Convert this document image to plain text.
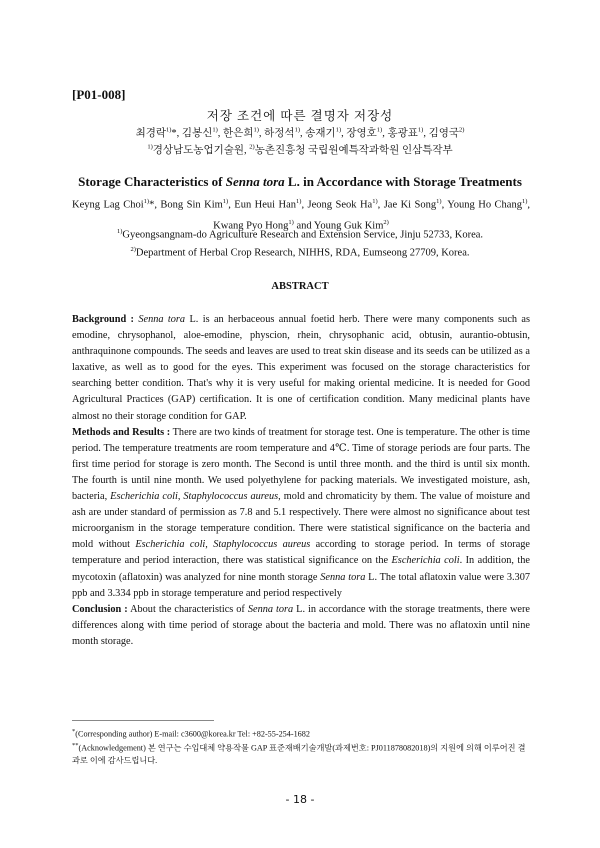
[P01-008]
저장 조건에 따른 결명자 저장성
최경락$^{1)}$*, 김봉신$^{1)}$, 한은희$^{1)}$, 하정석$^{1)}$, 송재기$^{1)}$, 장영호$^{1)}$, 홍광표$^{1)}$, 김영국$^{2)}$
$^{1)}$경상남도농업기술원, $^{2)}$농촌진흥청 국립원예특작과학원 인삼특작부
Storage Characteristics of Senna tora L. in Accordance with Storage Treatments
Keyng Lag Choi$^{1)}$*, Bong Sin Kim$^{1)}$, Eun Heui Han$^{1)}$, Jeong Seok Ha$^{1)}$, Jae Ki Song$^{1)}$, Young Ho Chang$^{1)}$, Kwang Pyo Hong$^{1)}$ and Young Guk Kim$^{2)}$
$^{1)}$Gyeongsangnam-do Agriculture Research and Extension Service, Jinju 52733, Korea.
$^{2)}$Department of Herbal Crop Research, NIHHS, RDA, Eumseong 27709, Korea.
ABSTRACT

Background : Senna tora L. is an herbaceous annual foetid herb. There were many components such as emodine, chrysophanol, aloe-emodine, physcion, rhein, chrysophanic acid, obtusin, aurantio-obtusin, anthraquinone compounds. The seeds and leaves are used to treat skin disease and its seeds can be utilized as a laxative, as well as to good for the eyes. This experiment was focused on the storage characteristics for searching better condition. That's why it is very useful for making oriental medicine. It is needed for Good Agricultural Practices (GAP) certification. It is one of certification condition. Many medicinal plants have almost no their storage condition for GAP.

Methods and Results : There are two kinds of treatment for storage test. One is temperature. The other is time period. The temperature treatments are room temperature and 4℃. Time of storage periods are four parts. The first time period for storage is zero month. The Second is until three month. and the third is until six month. The fourth is until nine month. We used polyethylene for packing materials. We investigated moisture, ash, bacteria, Escherichia coli, Staphylococcus aureus, mold and chromaticity by them. The value of moisture and ash are under standard of permission as 7.8 and 5.1 respectively. There were almost no significance about test microorganism in the storage temperature condition. There were statistical significance on the bacteria and mold without Escherichia coli, Staphylococcus aureus according to storage period. In terms of storage temperature and period interaction, there was statistical significance on the Escherichia coli. In addition, the mycotoxin (aflatoxin) was analyzed for nine month storage Senna tora L. The total aflatoxin value were 3.307 ppb and 3.334 ppb in storage temperature and period respectively

Conclusion : About the characteristics of Senna tora L. in accordance with the storage treatments, there were differences along with time period of storage about the bacteria and mold. There was no aflatoxin until nine month storage.

*(Corresponding author) E-mail: c3600@korea.kr Tel: +82-55-254-1682
**(Acknowledgement) 본 연구는 수입대체 약용작물 GAP 표준재배기술개발(과제번호: PJ011878082018)의 지원에 의해 이루어진 결과로 이에 감사드립니다.
- 18 -
